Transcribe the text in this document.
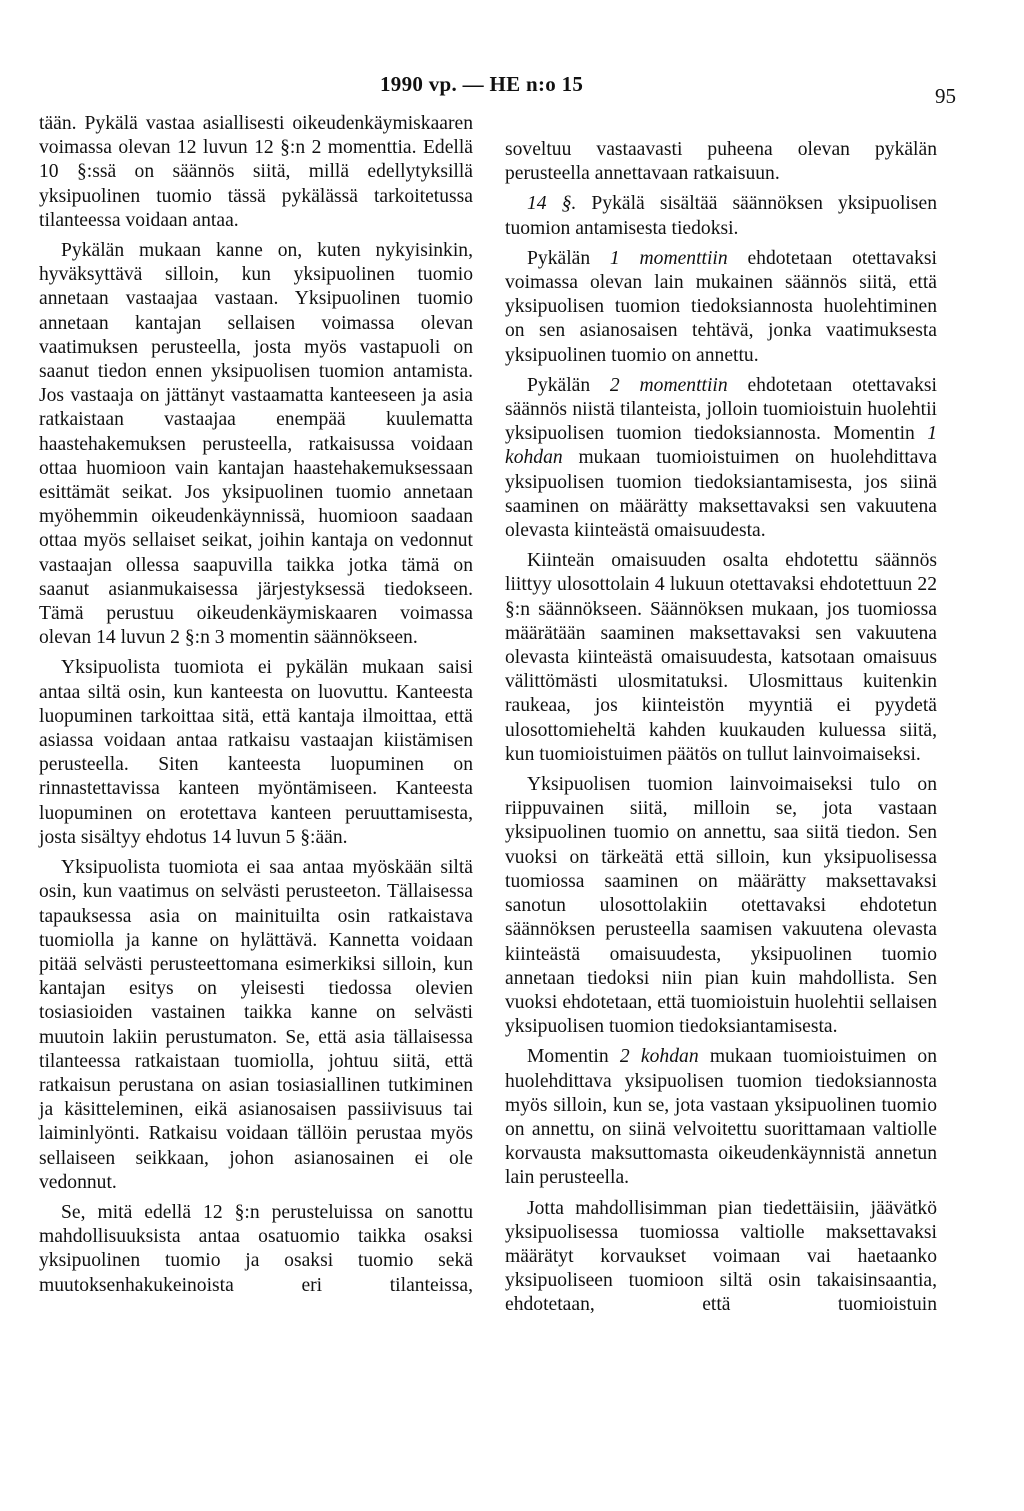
1990 vp. — HE n:o 15	95

tään. Pykälä vastaa asiallisesti oikeudenkäymiskaaren voimassa olevan 12 luvun 12 §:n 2 momenttia. Edellä 10 §:ssä on säännös siitä, millä edellytyksillä yksipuolinen tuomio tässä pykälässä tarkoitetussa tilanteessa voidaan antaa.

Pykälän mukaan kanne on, kuten nykyisinkin, hyväksyttävä silloin, kun yksipuolinen tuomio annetaan vastaajaa vastaan. Yksipuolinen tuomio annetaan kantajan sellaisen voimassa olevan vaatimuksen perusteella, josta myös vastapuoli on saanut tiedon ennen yksipuolisen tuomion antamista. Jos vastaaja on jättänyt vastaamatta kanteeseen ja asia ratkaistaan vastaajaa enempää kuulematta haastehakemuksen perusteella, ratkaisussa voidaan ottaa huomioon vain kantajan haastehakemuksessaan esittämät seikat. Jos yksipuolinen tuomio annetaan myöhemmin oikeudenkäynnissä, huomioon saadaan ottaa myös sellaiset seikat, joihin kantaja on vedonnut vastaajan ollessa saapuvilla taikka jotka tämä on saanut asianmukaisessa järjestyksessä tiedokseen. Tämä perustuu oikeudenkäymiskaaren voimassa olevan 14 luvun 2 §:n 3 momentin säännökseen.

Yksipuolista tuomiota ei pykälän mukaan saisi antaa siltä osin, kun kanteesta on luovuttu. Kanteesta luopuminen tarkoittaa sitä, että kantaja ilmoittaa, että asiassa voidaan antaa ratkaisu vastaajan kiistämisen perusteella. Siten kanteesta luopuminen on rinnastettavissa kanteen myöntämiseen. Kanteesta luopuminen on erotettava kanteen peruuttamisesta, josta sisältyy ehdotus 14 luvun 5 §:ään.

Yksipuolista tuomiota ei saa antaa myöskään siltä osin, kun vaatimus on selvästi perusteeton. Tällaisessa tapauksessa asia on mainituilta osin ratkaistava tuomiolla ja kanne on hylättävä. Kannetta voidaan pitää selvästi perusteettomana esimerkiksi silloin, kun kantajan esitys on yleisesti tiedossa olevien tosiasioiden vastainen taikka kanne on selvästi muutoin lakiin perustumaton. Se, että asia tällaisessa tilanteessa ratkaistaan tuomiolla, johtuu siitä, että ratkaisun perustana on asian tosiasiallinen tutkiminen ja käsitteleminen, eikä asianosaisen passiivisuus tai laiminlyönti. Ratkaisu voidaan tällöin perustaa myös sellaiseen seikkaan, johon asianosainen ei ole vedonnut.

Se, mitä edellä 12 §:n perusteluissa on sanottu mahdollisuuksista antaa osatuomio taikka osaksi yksipuolinen tuomio ja osaksi tuomio sekä muutoksenhakukeinoista eri tilanteissa,

soveltuu vastaavasti puheena olevan pykälän perusteella annettavaan ratkaisuun.

14 §. Pykälä sisältää säännöksen yksipuolisen tuomion antamisesta tiedoksi.

Pykälän 1 momenttiin ehdotetaan otettavaksi voimassa olevan lain mukainen säännös siitä, että yksipuolisen tuomion tiedoksiannosta huolehtiminen on sen asianosaisen tehtävä, jonka vaatimuksesta yksipuolinen tuomio on annettu.

Pykälän 2 momenttiin ehdotetaan otettavaksi säännös niistä tilanteista, jolloin tuomioistuin huolehtii yksipuolisen tuomion tiedoksiannosta. Momentin 1 kohdan mukaan tuomioistuimen on huolehdittava yksipuolisen tuomion tiedoksiantamisesta, jos siinä saaminen on määrätty maksettavaksi sen vakuutena olevasta kiinteästä omaisuudesta.

Kiinteän omaisuuden osalta ehdotettu säännös liittyy ulosottolain 4 lukuun otettavaksi ehdotettuun 22 §:n säännökseen. Säännöksen mukaan, jos tuomiossa määrätään saaminen maksettavaksi sen vakuutena olevasta kiinteästä omaisuudesta, katsotaan omaisuus välittömästi ulosmitatuksi. Ulosmittaus kuitenkin raukeaa, jos kiinteistön myyntiä ei pyydetä ulosottomieheltä kahden kuukauden kuluessa siitä, kun tuomioistuimen päätös on tullut lainvoimaiseksi.

Yksipuolisen tuomion lainvoimaiseksi tulo on riippuvainen siitä, milloin se, jota vastaan yksipuolinen tuomio on annettu, saa siitä tiedon. Sen vuoksi on tärkeätä että silloin, kun yksipuolisessa tuomiossa saaminen on määrätty maksettavaksi sanotun ulosottolakiin otettavaksi ehdotetun säännöksen perusteella saamisen vakuutena olevasta kiinteästä omaisuudesta, yksipuolinen tuomio annetaan tiedoksi niin pian kuin mahdollista. Sen vuoksi ehdotetaan, että tuomioistuin huolehtii sellaisen yksipuolisen tuomion tiedoksiantamisesta.

Momentin 2 kohdan mukaan tuomioistuimen on huolehdittava yksipuolisen tuomion tiedoksiannosta myös silloin, kun se, jota vastaan yksipuolinen tuomio on annettu, on siinä velvoitettu suorittamaan valtiolle korvausta maksuttomasta oikeudenkäynnistä annetun lain perusteella.

Jotta mahdollisimman pian tiedettäisiin, jäävätkö yksipuolisessa tuomiossa valtiolle maksettavaksi määrätyt korvaukset voimaan vai haetaanko yksipuoliseen tuomioon siltä osin takaisinsaantia, ehdotetaan, että tuomioistuin
